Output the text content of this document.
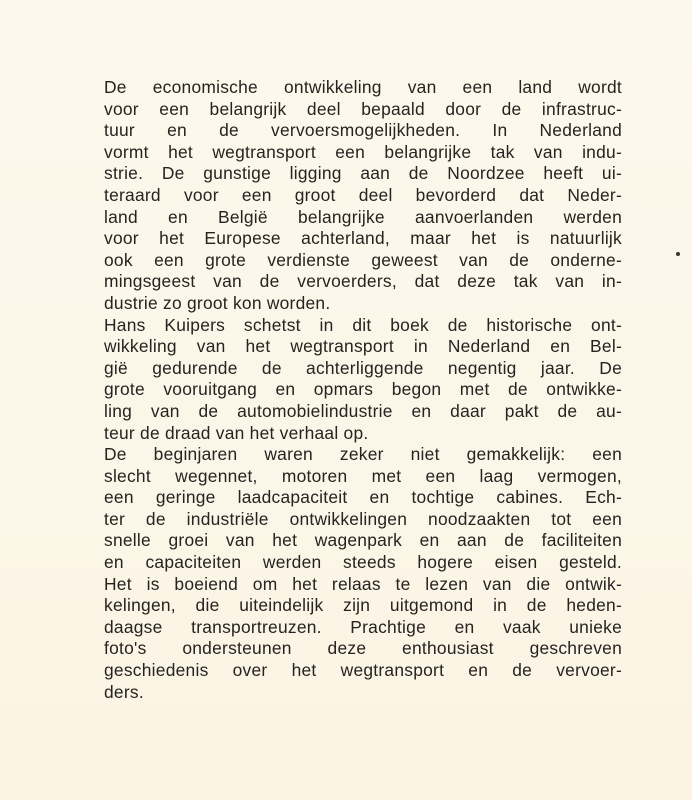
De economische ontwikkeling van een land wordt
voor een belangrijk deel bepaald door de infrastruc-
tuur en de vervoersmogelijkheden. In Nederland
vormt het wegtransport een belangrijke tak van indu-
strie. De gunstige ligging aan de Noordzee heeft ui-
teraard voor een groot deel bevorderd dat Neder-
land en België belangrijke aanvoerlanden werden
voor het Europese achterland, maar het is natuurlijk
ook een grote verdienste geweest van de onderne-
mingsgeest van de vervoerders, dat deze tak van in-
dustrie zo groot kon worden.
Hans Kuipers schetst in dit boek de historische ont-
wikkeling van het wegtransport in Nederland en Bel-
gië gedurende de achterliggende negentig jaar. De
grote vooruitgang en opmars begon met de ontwikke-
ling van de automobielindustrie en daar pakt de au-
teur de draad van het verhaal op.
De beginjaren waren zeker niet gemakkelijk: een
slecht wegennet, motoren met een laag vermogen,
een geringe laadcapaciteit en tochtige cabines. Ech-
ter de industriële ontwikkelingen noodzaakten tot een
snelle groei van het wagenpark en aan de faciliteiten
en capaciteiten werden steeds hogere eisen gesteld.
Het is boeiend om het relaas te lezen van die ontwik-
kelingen, die uiteindelijk zijn uitgemond in de heden-
daagse transportreuzen. Prachtige en vaak unieke
foto's ondersteunen deze enthousiast geschreven
geschiedenis over het wegtransport en de vervoer-
ders.
